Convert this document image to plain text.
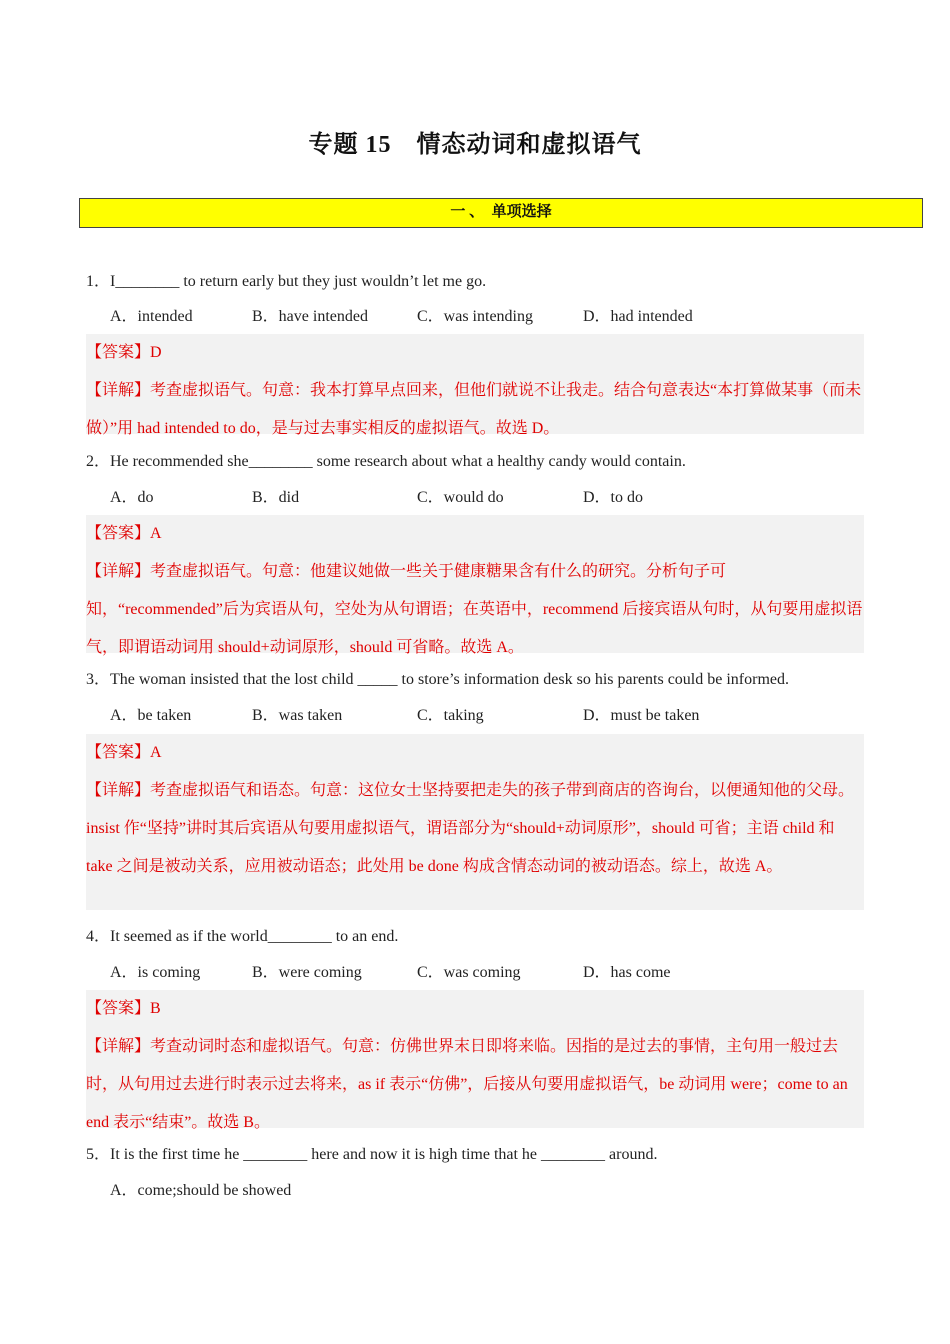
专题 15　情态动词和虚拟语气
一 、　单项选择
1．I________ to return early but they just wouldn’t let me go.
A．intended	B．have intended	C．was intending	D．had intended

【答案】D

【详解】考查虚拟语气。句意：我本打算早点回来，但他们就说不让我走。结合句意表达“本打算做某事（而未做）”用 had intended to do，是与过去事实相反的虚拟语气。故选 D。

2．He recommended she________ some research about what a healthy candy would contain.
A．do	B．did	C．would do	D．to do

【答案】A

【详解】考查虚拟语气。句意：他建议她做一些关于健康糖果含有什么的研究。分析句子可知，“recommended”后为宾语从句，空处为从句谓语；在英语中，recommend 后接宾语从句时，从句要用虚拟语气，即谓语动词用 should+动词原形，should 可省略。故选 A。

3．The woman insisted that the lost child _____ to store’s information desk so his parents could be informed.
A．be taken	B．was taken	C．taking	D．must be taken

【答案】A

【详解】考查虚拟语气和语态。句意：这位女士坚持要把走失的孩子带到商店的咨询台，以便通知他的父母。insist 作“坚持”讲时其后宾语从句要用虚拟语气，谓语部分为“should+动词原形”，should 可省；主语 child 和 take 之间是被动关系，应用被动语态；此处用 be done 构成含情态动词的被动语态。综上，故选 A。

4．It seemed as if the world________ to an end.
A．is coming	B．were coming	C．was coming	D．has come

【答案】B

【详解】考查动词时态和虚拟语气。句意：仿佛世界末日即将来临。因指的是过去的事情，主句用一般过去时，从句用过去进行时表示过去将来，as if 表示“仿佛”，后接从句要用虚拟语气，be 动词用 were；come to an end 表示“结束”。故选 B。

5．It is the first time he ________ here and now it is high time that he ________ around.
A．come;should be showed
